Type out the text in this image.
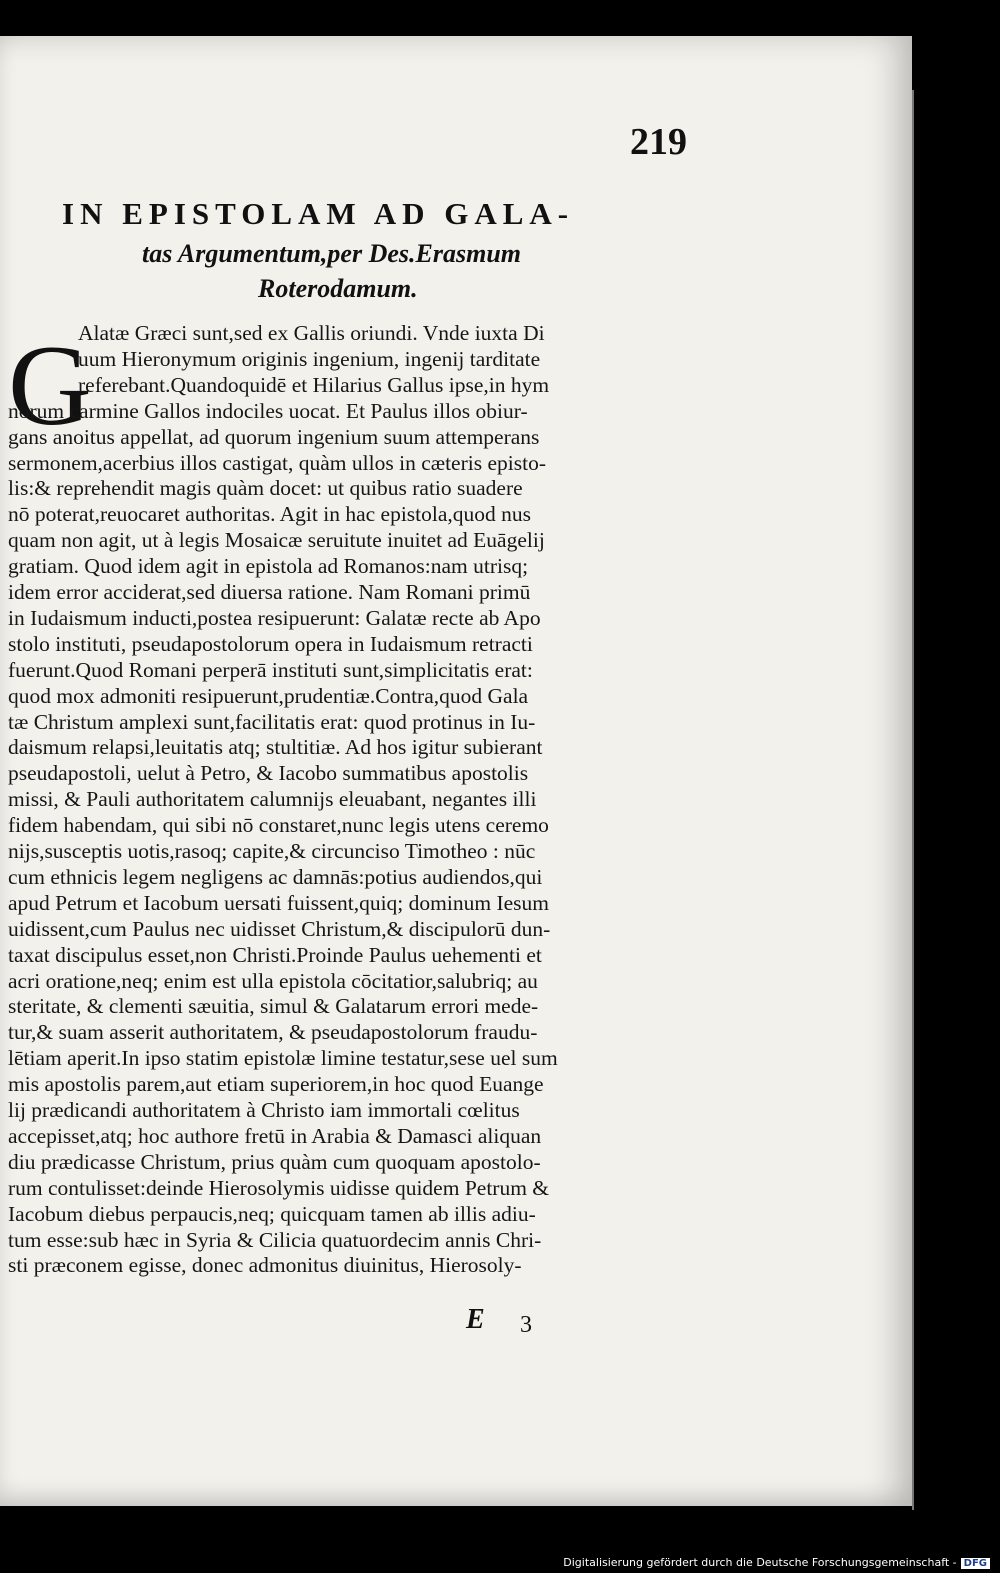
219
IN EPISTOLAM AD GALA-
tas Argumentum,per Des.Erasmum
Roterodamum.
G
Alatæ Græci sunt,sed ex Gallis oriundi. Vnde iuxta Di
uum Hieronymum originis ingenium, ingenij tarditate
referebant.Quandoquidē et Hilarius Gallus ipse,in hym
norum carmine Gallos indociles uocat. Et Paulus illos obiur-
gans anoitus appellat, ad quorum ingenium suum attemperans
sermonem,acerbius illos castigat, quàm ullos in cæteris episto-
lis:& reprehendit magis quàm docet: ut quibus ratio suadere
nō poterat,reuocaret authoritas. Agit in hac epistola,quod nus
quam non agit, ut à legis Mosaicæ seruitute inuitet ad Euāgelij
gratiam. Quod idem agit in epistola ad Romanos:nam utrisq;
idem error acciderat,sed diuersa ratione. Nam Romani primū
in Iudaismum inducti,postea resipuerunt: Galatæ recte ab Apo
stolo instituti, pseudapostolorum opera in Iudaismum retracti
fuerunt.Quod Romani perperā instituti sunt,simplicitatis erat:
quod mox admoniti resipuerunt,prudentiæ.Contra,quod Gala
tæ Christum amplexi sunt,facilitatis erat: quod protinus in Iu-
daismum relapsi,leuitatis atq; stultitiæ. Ad hos igitur subierant
pseudapostoli, uelut à Petro, & Iacobo summatibus apostolis
missi, & Pauli authoritatem calumnijs eleuabant, negantes illi
fidem habendam, qui sibi nō constaret,nunc legis utens ceremo
nijs,susceptis uotis,rasoq; capite,& circunciso Timotheo : nūc
cum ethnicis legem negligens ac damnās:potius audiendos,qui
apud Petrum et Iacobum uersati fuissent,quiq; dominum Iesum
uidissent,cum Paulus nec uidisset Christum,& discipulorū dun-
taxat discipulus esset,non Christi.Proinde Paulus uehementi et
acri oratione,neq; enim est ulla epistola cōcitatior,salubriq; au
steritate, & clementi sæuitia, simul & Galatarum errori mede-
tur,& suam asserit authoritatem, & pseudapostolorum fraudu-
lētiam aperit.In ipso statim epistolæ limine testatur,sese uel sum
mis apostolis parem,aut etiam superiorem,in hoc quod Euange
lij prædicandi authoritatem à Christo iam immortali cœlitus
accepisset,atq; hoc authore fretū in Arabia & Damasci aliquan
diu prædicasse Christum, prius quàm cum quoquam apostolo-
rum contulisset:deinde Hierosolymis uidisse quidem Petrum &
Iacobum diebus perpaucis,neq; quicquam tamen ab illis adiu-
tum esse:sub hæc in Syria & Cilicia quatuordecim annis Chri-
sti præconem egisse, donec admonitus diuinitus, Hierosoly-
E 3
Digitalisierung gefördert durch die Deutsche Forschungsgemeinschaft - DFG
